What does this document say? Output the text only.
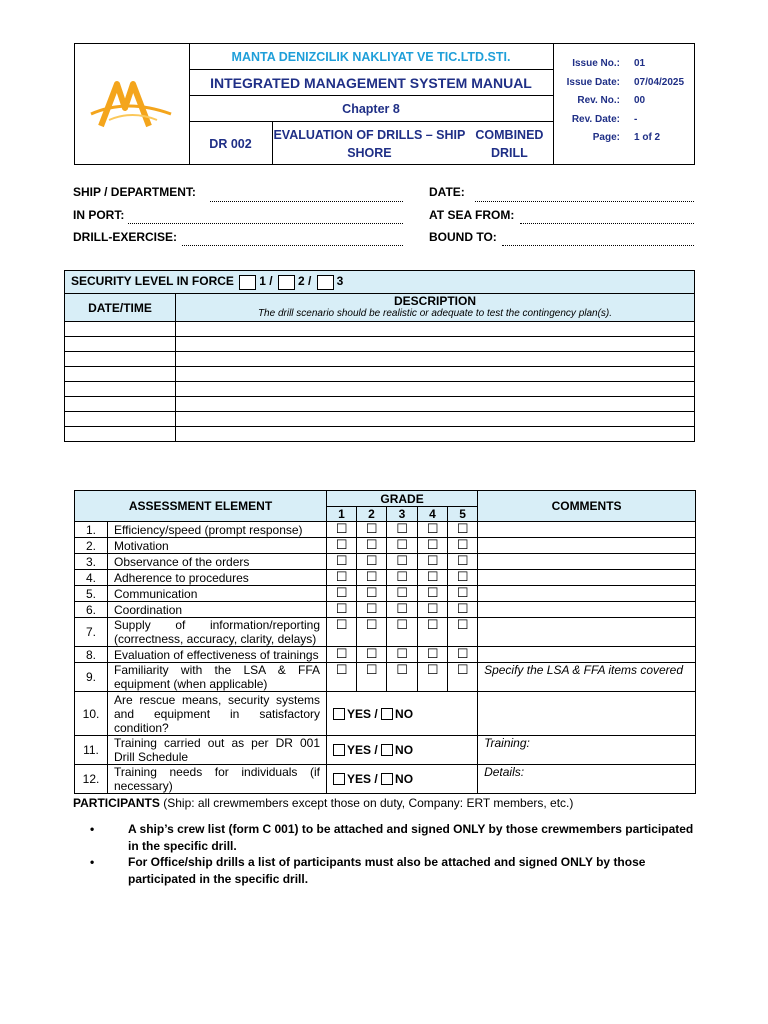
MANTA DENIZCILIK NAKLIYAT VE TIC.LTD.STI.
INTEGRATED MANAGEMENT SYSTEM MANUAL
Chapter 8
DR 002
EVALUATION OF DRILLS – SHIP SHORE

COMBINED DRILL
Issue No.: 01
Issue Date: 07/04/2025
Rev. No.: 00
Rev. Date: -
Page: 1 of 2
SHIP / DEPARTMENT:
IN PORT:
DRILL-EXERCISE:
DATE:
AT SEA FROM:
BOUND TO:
SECURITY LEVEL IN FORCE 1 / 2 / 3	
DATE/TIME	DESCRIPTION
The drill scenario should be realistic or adequate to test the contingency plan(s).

ASSESSMENT ELEMENT		GRADE					COMMENTS
		1	2	3	4	5	
1.	Efficiency/speed (prompt response)	☐	☐	☐	☐	☐	
2.	Motivation	☐	☐	☐	☐	☐	
3.	Observance of the orders	☐	☐	☐	☐	☐	
4.	Adherence to procedures	☐	☐	☐	☐	☐	
5.	Communication	☐	☐	☐	☐	☐	
6.	Coordination	☐	☐	☐	☐	☐	
7.	Supply of information/reporting (correctness, accuracy, clarity, delays)	☐	☐	☐	☐	☐	
8.	Evaluation of effectiveness of trainings	☐	☐	☐	☐	☐	
9.	Familiarity with the LSA & FFA equipment (when applicable)	☐	☐	☐	☐	☐	Specify the LSA & FFA items covered
10.	Are rescue means, security systems and equipment in satisfactory condition?	YES / NO					
11.	Training carried out as per DR 001 Drill Schedule	YES / NO					Training:
12.	Training needs for individuals (if necessary)	YES / NO					Details:
PARTICIPANTS (Ship: all crewmembers except those on duty, Company: ERT members, etc.)
•	A ship’s crew list (form C 001) to be attached and signed ONLY by those crewmembers participated in the specific drill.
•	For Office/ship drills a list of participants must also be attached and signed ONLY by those participated in the specific drill.
